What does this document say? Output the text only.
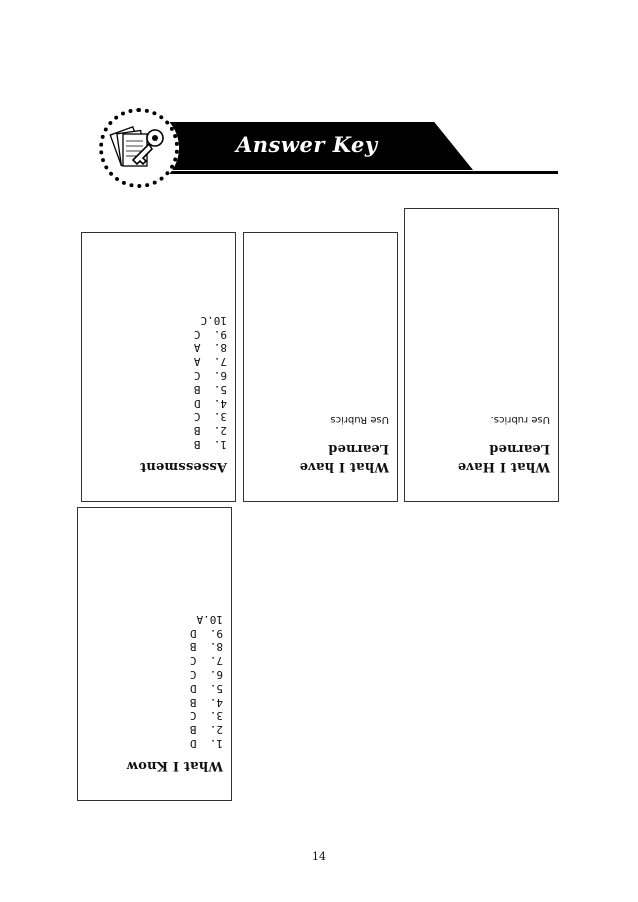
Answer Key
Assessment
1.  B
2.  B
3.  C
4.  D
5.  B
6.  C
7.  A
8.  A
9.  C
10.C
What I have
Learned
Use Rubrics
What I Have
Learned
Use rubrics.
What I Know
1.  D
2.  B
3.  C
4.  B
5.  D
6.  C
7.  C
8.  B
9.  D
10.A
14
